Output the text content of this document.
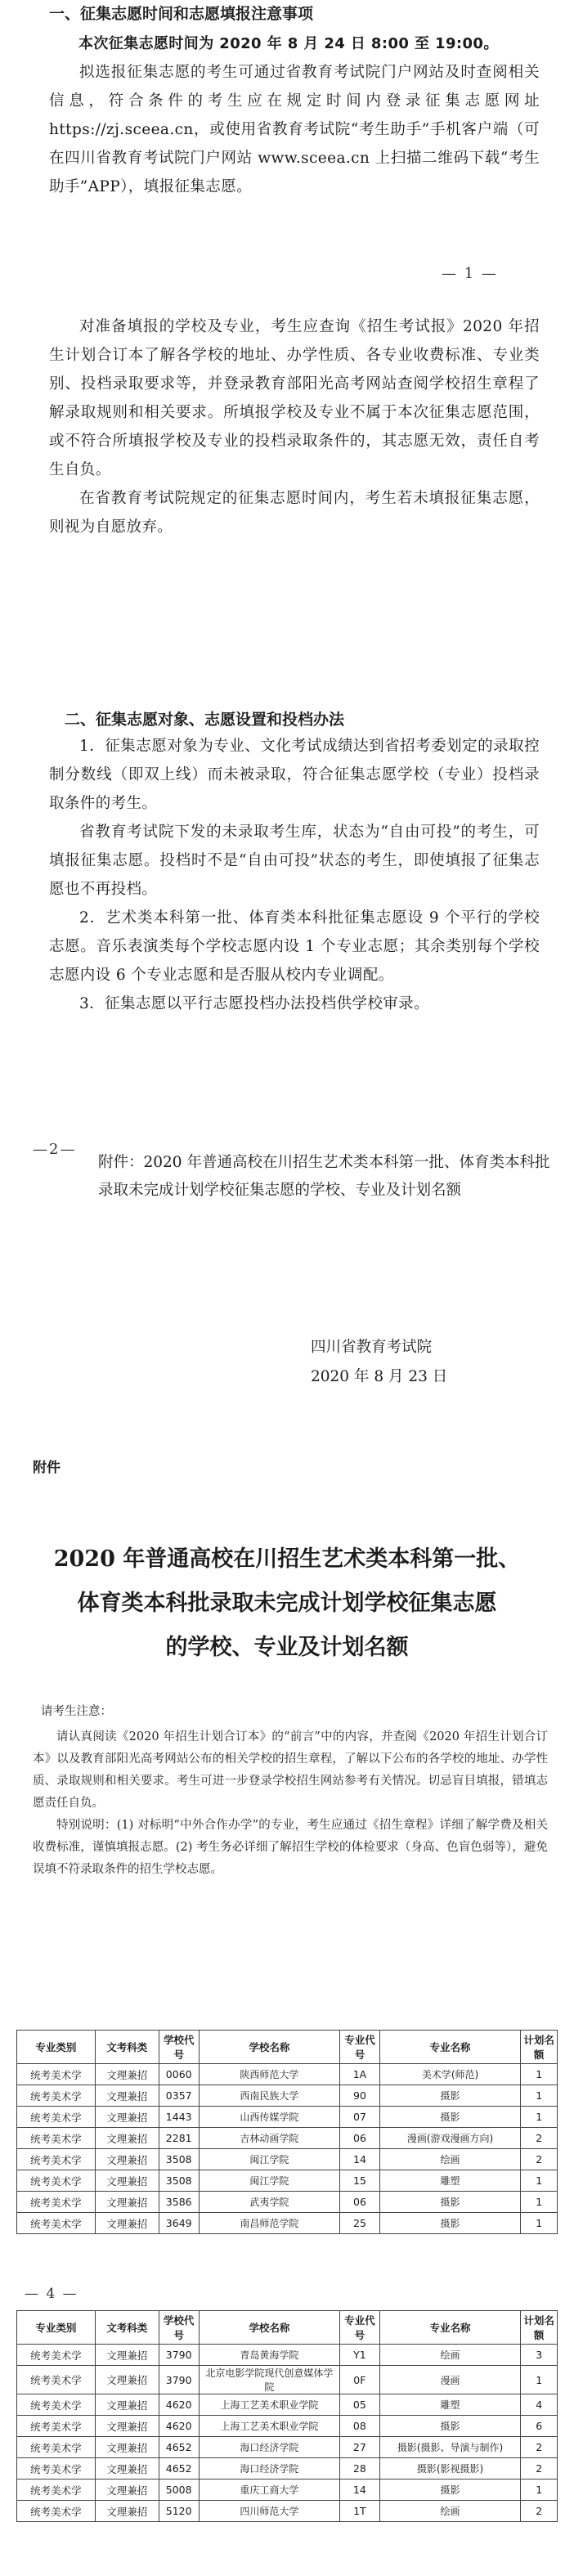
一、征集志愿时间和志愿填报注意事项

本次征集志愿时间为 2020 年 8 月 24 日 8:00 至 19:00。

拟选报征集志愿的考生可通过省教育考试院门户网站及时查阅相关信息，符合条件的考生应在规定时间内登录征集志愿网址 https://zj.sceea.cn，或使用省教育考试院“考生助手”手机客户端（可在四川省教育考试院门户网站 www.sceea.cn 上扫描二维码下载“考生助手”APP），填报征集志愿。

— 1 —

对准备填报的学校及专业，考生应查询《招生考试报》2020 年招生计划合订本了解各学校的地址、办学性质、各专业收费标准、专业类别、投档录取要求等，并登录教育部阳光高考网站查阅学校招生章程了解录取规则和相关要求。所填报学校及专业不属于本次征集志愿范围，或不符合所填报学校及专业的投档录取条件的，其志愿无效，责任自考生自负。

在省教育考试院规定的征集志愿时间内，考生若未填报征集志愿，则视为自愿放弃。

二、征集志愿对象、志愿设置和投档办法

1．征集志愿对象为专业、文化考试成绩达到省招考委划定的录取控制分数线（即双上线）而未被录取，符合征集志愿学校（专业）投档录取条件的考生。

省教育考试院下发的未录取考生库，状态为“自由可投”的考生，可填报征集志愿。投档时不是“自由可投”状态的考生，即使填报了征集志愿也不再投档。

2．艺术类本科第一批、体育类本科批征集志愿设 9 个平行的学校志愿。音乐表演类每个学校志愿内设 1 个专业志愿；其余类别每个学校志愿内设 6 个专业志愿和是否服从校内专业调配。

3．征集志愿以平行志愿投档办法投档供学校审录。

—2—
附件：2020 年普通高校在川招生艺术类本科第一批、体育类本科批录取未完成计划学校征集志愿的学校、专业及计划名额
四川省教育考试院
2020 年 8 月 23 日
附件
2020 年普通高校在川招生艺术类本科第一批、
体育类本科批录取未完成计划学校征集志愿
的学校、专业及计划名额

请考生注意：

请认真阅读《2020 年招生计划合订本》的“前言”中的内容，并查阅《2020 年招生计划合订本》以及教育部阳光高考网站公布的相关学校的招生章程，了解以下公布的各学校的地址、办学性质、录取规则和相关要求。考生可进一步登录学校招生网站参考有关情况。切忌盲目填报，错填志愿责任自负。

特别说明：(1) 对标明“中外合作办学”的专业，考生应通过《招生章程》详细了解学费及相关收费标准，谨慎填报志愿。(2) 考生务必详细了解招生学校的体检要求（身高、色盲色弱等），避免误填不符录取条件的招生学校志愿。

专业类别	文考科类	学校代号	学校名称	专业代号	专业名称	计划名额
统考美术学	文理兼招	0060	陕西师范大学	1A	美术学(师范)	1
统考美术学	文理兼招	0357	西南民族大学	90	摄影	1
统考美术学	文理兼招	1443	山西传媒学院	07	摄影	1
统考美术学	文理兼招	2281	吉林动画学院	06	漫画(游戏漫画方向)	2
统考美术学	文理兼招	3508	闽江学院	14	绘画	2
统考美术学	文理兼招	3508	闽江学院	15	雕塑	1
统考美术学	文理兼招	3586	武夷学院	06	摄影	1
统考美术学	文理兼招	3649	南昌师范学院	25	摄影	1
— 4 —
专业类别	文考科类	学校代号	学校名称	专业代号	专业名称	计划名额
统考美术学	文理兼招	3790	青岛黄海学院	Y1	绘画	3
统考美术学	文理兼招	3790	北京电影学院现代创意媒体学院	0F	漫画	1
统考美术学	文理兼招	4620	上海工艺美术职业学院	05	雕塑	4
统考美术学	文理兼招	4620	上海工艺美术职业学院	08	摄影	6
统考美术学	文理兼招	4652	海口经济学院	27	摄影(摄影、导演与制作)	2
统考美术学	文理兼招	4652	海口经济学院	28	摄影(影视摄影)	2
统考美术学	文理兼招	5008	重庆工商大学	14	摄影	1
统考美术学	文理兼招	5120	四川师范大学	1T	绘画	2
